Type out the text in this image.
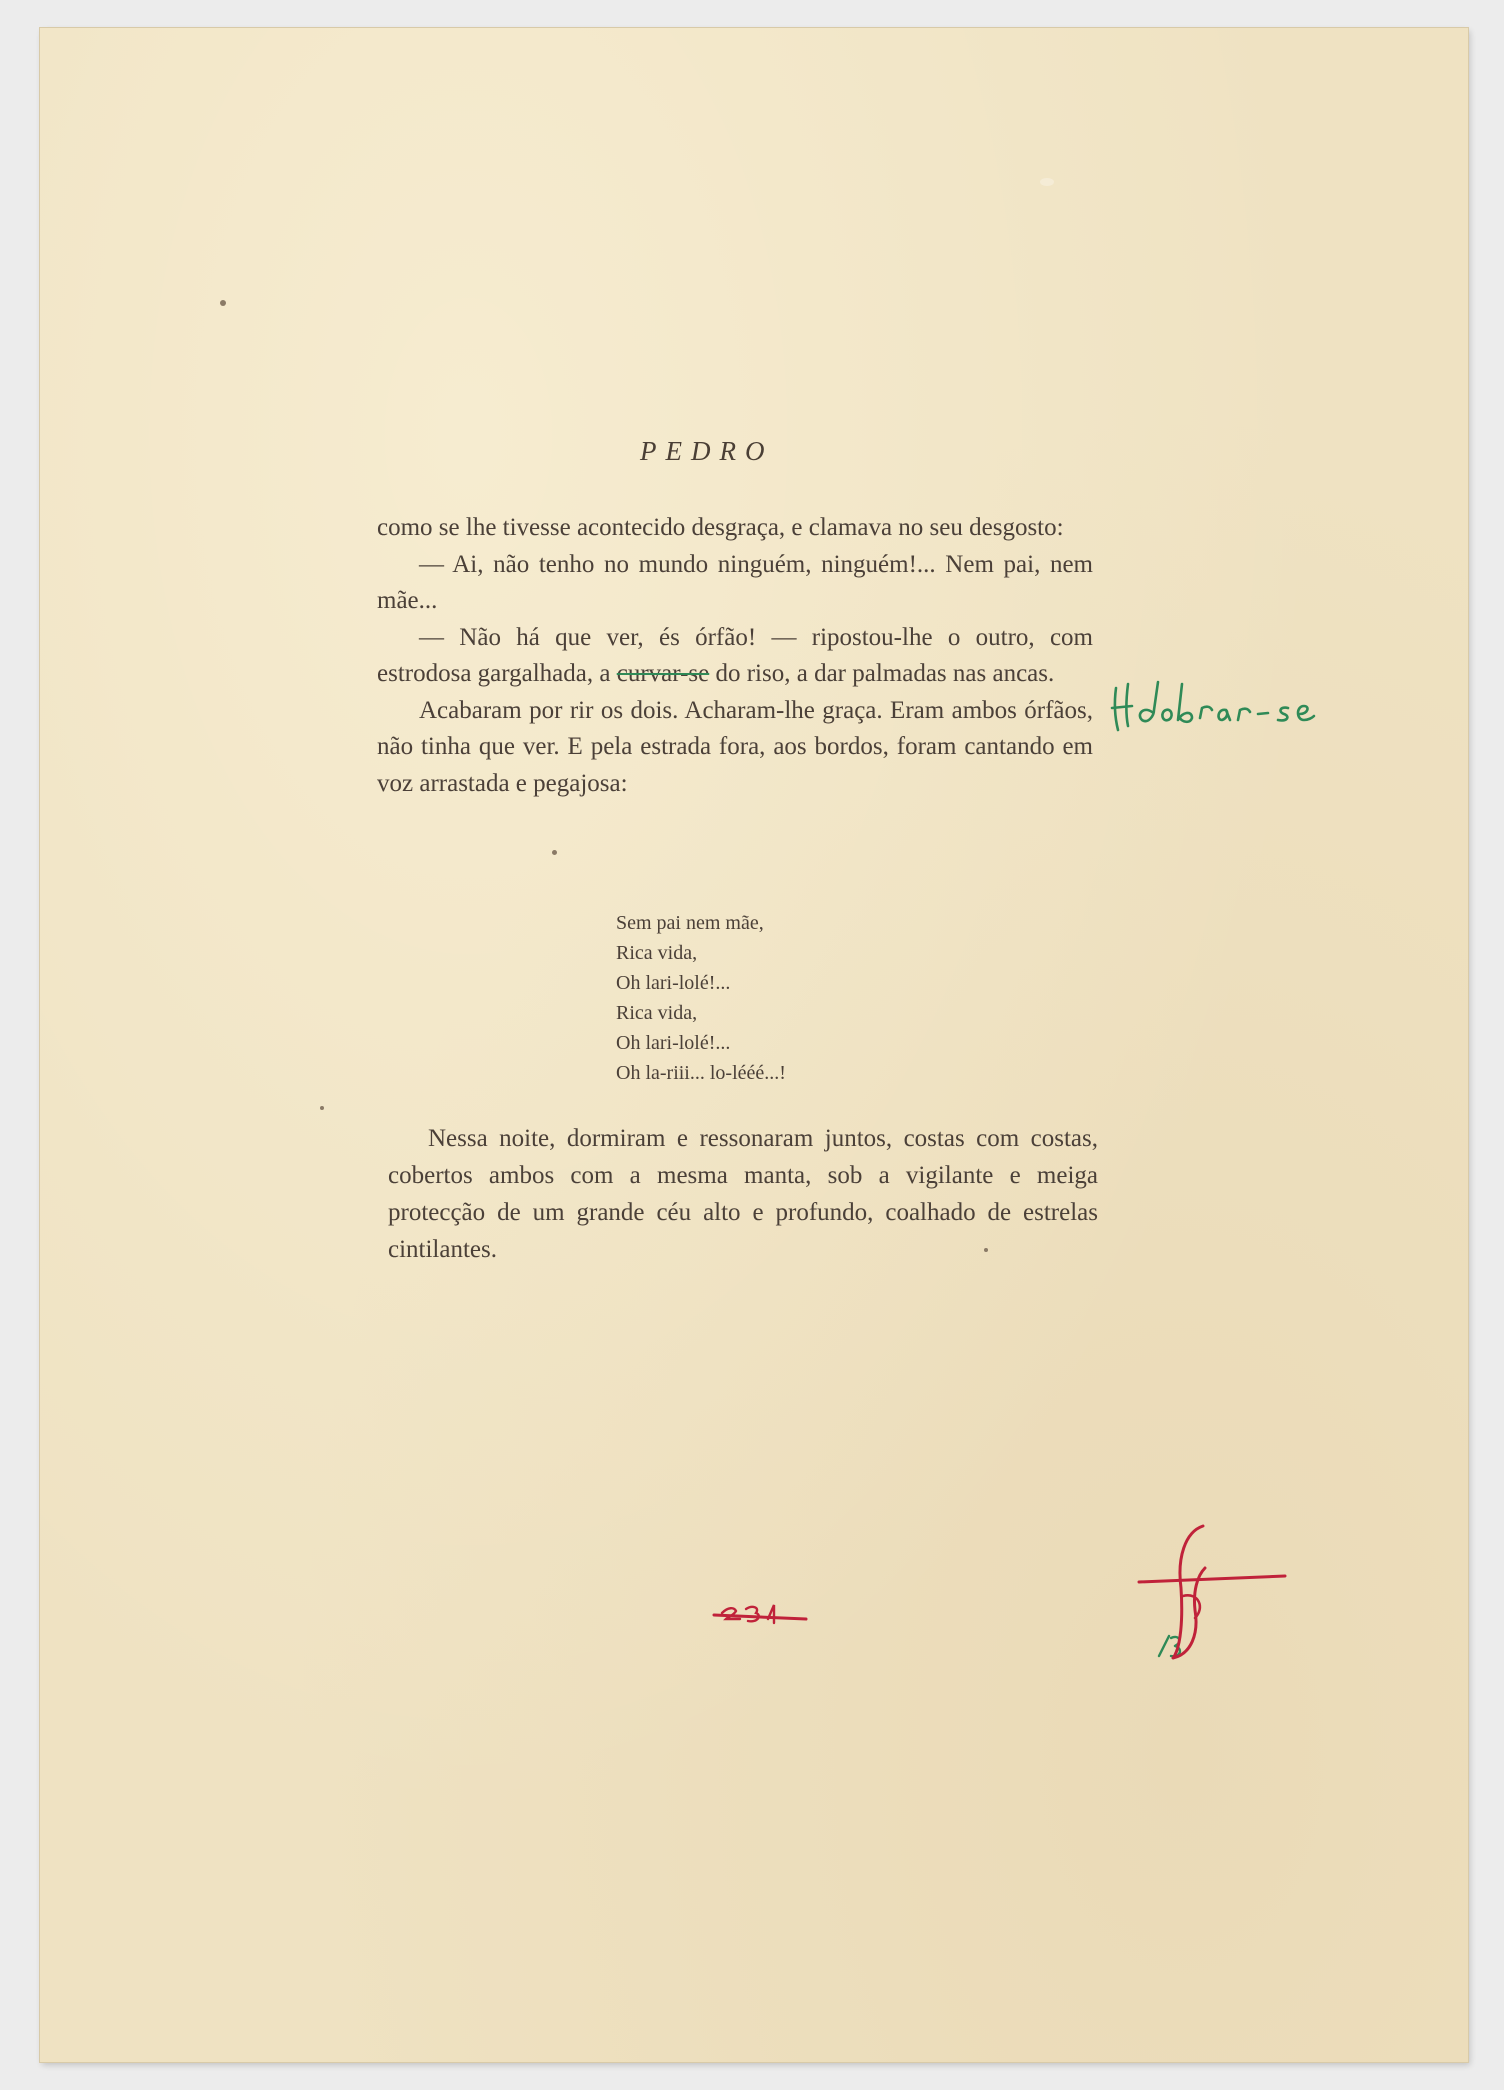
PEDRO

como se lhe tivesse acontecido desgraça, e clamava no seu desgosto:

— Ai, não tenho no mundo ninguém, ninguém!... Nem pai, nem mãe...

— Não há que ver, és órfão! — ripostou-lhe o outro, com estrodosa gargalhada, a curvar-se do riso, a dar palmadas nas ancas.

Acabaram por rir os dois. Acharam-lhe graça. Eram ambos órfãos, não tinha que ver. E pela estrada fora, aos bordos, foram cantando em voz arrastada e pegajosa:

Sem pai nem mãe,
Rica vida,
Oh lari-lolé!...
Rica vida,
Oh lari-lolé!...
Oh la-riii... lo-lééé...!

Nessa noite, dormiram e ressonaram juntos, costas com costas, cobertos ambos com a mesma manta, sob a vigilante e meiga protecção de um grande céu alto e profundo, coalhado de estrelas cintilantes.
